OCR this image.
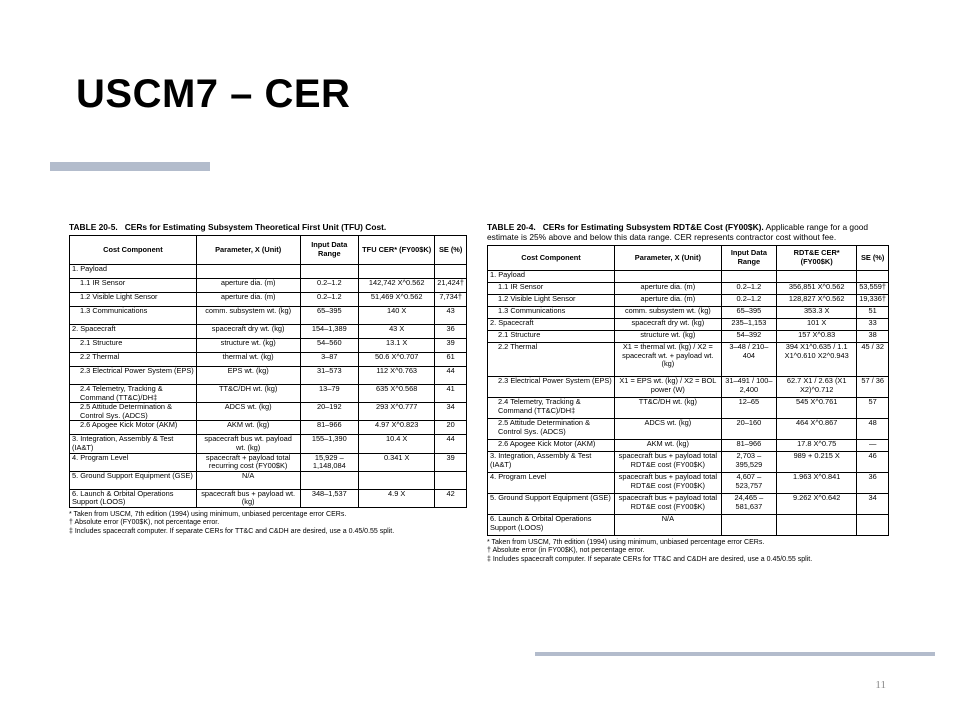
USCM7 – CER

TABLE 20-5. CERs for Estimating Subsystem Theoretical First Unit (TFU) Cost.

Cost Component	Parameter, X (Unit)	Input Data Range	TFU CER* (FY00$K)	SE (%)
1. Payload				
1.1 IR Sensor	aperture dia. (m)	0.2–1.2	142,742 X^0.562	21,424†
1.2 Visible Light Sensor	aperture dia. (m)	0.2–1.2	51,469 X^0.562	7,734†
1.3 Communications	comm. subsystem wt. (kg)	65–395	140 X	43
2. Spacecraft	spacecraft dry wt. (kg)	154–1,389	43 X	36
2.1 Structure	structure wt. (kg)	54–560	13.1 X	39
2.2 Thermal	thermal wt. (kg)	3–87	50.6 X^0.707	61
2.3 Electrical Power System (EPS)	EPS wt. (kg)	31–573	112 X^0.763	44
2.4 Telemetry, Tracking & Command (TT&C)/DH‡	TT&C/DH wt. (kg)	13–79	635 X^0.568	41
2.5 Attitude Determination & Control Sys. (ADCS)	ADCS wt. (kg)	20–192	293 X^0.777	34
2.6 Apogee Kick Motor (AKM)	AKM wt. (kg)	81–966	4.97 X^0.823	20
3. Integration, Assembly & Test (IA&T)	spacecraft bus wt. payload wt. (kg)	155–1,390	10.4 X	44
4. Program Level	spacecraft + payload total recurring cost (FY00$K)	15,929 – 1,148,084	0.341 X	39
5. Ground Support Equipment (GSE)	N/A			
6. Launch & Orbital Operations Support (LOOS)	spacecraft bus + payload wt. (kg)	348–1,537	4.9 X	42
* Taken from USCM, 7th edition (1994) using minimum, unbiased percentage error CERs.
† Absolute error (FY00$K), not percentage error.
‡ Includes spacecraft computer. If separate CERs for TT&C and C&DH are desired, use a 0.45/0.55 split.

TABLE 20-4. CERs for Estimating Subsystem RDT&E Cost (FY00$K). Applicable range for a good estimate is 25% above and below this data range. CER represents contractor cost without fee.

Cost Component	Parameter, X (Unit)	Input Data Range	RDT&E CER* (FY00$K)	SE (%)
1. Payload				
1.1 IR Sensor	aperture dia. (m)	0.2–1.2	356,851 X^0.562	53,559†
1.2 Visible Light Sensor	aperture dia. (m)	0.2–1.2	128,827 X^0.562	19,336†
1.3 Communications	comm. subsystem wt. (kg)	65–395	353.3 X	51
2. Spacecraft	spacecraft dry wt. (kg)	235–1,153	101 X	33
2.1 Structure	structure wt. (kg)	54–392	157 X^0.83	38
2.2 Thermal	X1 = thermal wt. (kg) / X2 = spacecraft wt. + payload wt. (kg)	3–48 / 210–404	394 X1^0.635 / 1.1 X1^0.610 X2^0.943	45 / 32
2.3 Electrical Power System (EPS)	X1 = EPS wt. (kg) / X2 = BOL power (W)	31–491 / 100–2,400	62.7 X1 / 2.63 (X1 X2)^0.712	57 / 36
2.4 Telemetry, Tracking & Command (TT&C)/DH‡	TT&C/DH wt. (kg)	12–65	545 X^0.761	57
2.5 Attitude Determination & Control Sys. (ADCS)	ADCS wt. (kg)	20–160	464 X^0.867	48
2.6 Apogee Kick Motor (AKM)	AKM wt. (kg)	81–966	17.8 X^0.75	—
3. Integration, Assembly & Test (IA&T)	spacecraft bus + payload total RDT&E cost (FY00$K)	2,703 – 395,529	989 + 0.215 X	46
4. Program Level	spacecraft bus + payload total RDT&E cost (FY00$K)	4,607 – 523,757	1.963 X^0.841	36
5. Ground Support Equipment (GSE)	spacecraft bus + payload total RDT&E cost (FY00$K)	24,465 – 581,637	9.262 X^0.642	34
6. Launch & Orbital Operations Support (LOOS)	N/A			
* Taken from USCM, 7th edition (1994) using minimum, unbiased percentage error CERs.
† Absolute error (in FY00$K), not percentage error.
‡ Includes spacecraft computer. If separate CERs for TT&C and C&DH are desired, use a 0.45/0.55 split.
11
